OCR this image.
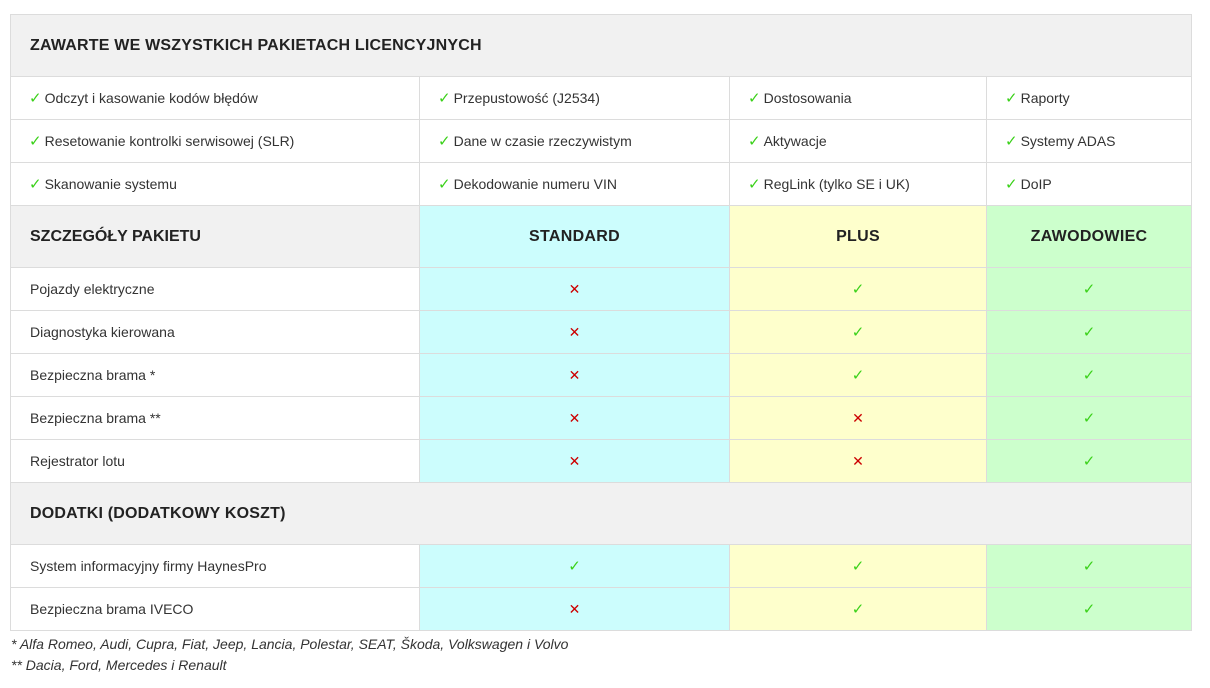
ZAWARTE WE WSZYSTKICH PAKIETACH LICENCYJNYCH			
✓ Odczyt i kasowanie kodów błędów	✓ Przepustowość (J2534)	✓ Dostosowania	✓ Raporty
✓ Resetowanie kontrolki serwisowej (SLR)	✓ Dane w czasie rzeczywistym	✓ Aktywacje	✓ Systemy ADAS
✓ Skanowanie systemu	✓ Dekodowanie numeru VIN	✓ RegLink (tylko SE i UK)	✓ DoIP
SZCZEGÓŁY PAKIETU	STANDARD	PLUS	ZAWODOWIEC
Pojazdy elektryczne	✕	✓	✓
Diagnostyka kierowana	✕	✓	✓
Bezpieczna brama *	✕	✓	✓
Bezpieczna brama **	✕	✕	✓
Rejestrator lotu	✕	✕	✓
DODATKI (DODATKOWY KOSZT)			
System informacyjny firmy HaynesPro	✓	✓	✓
Bezpieczna brama IVECO	✕	✓	✓
* Alfa Romeo, Audi, Cupra, Fiat, Jeep, Lancia, Polestar, SEAT, Škoda, Volkswagen i Volvo
** Dacia, Ford, Mercedes i Renault
